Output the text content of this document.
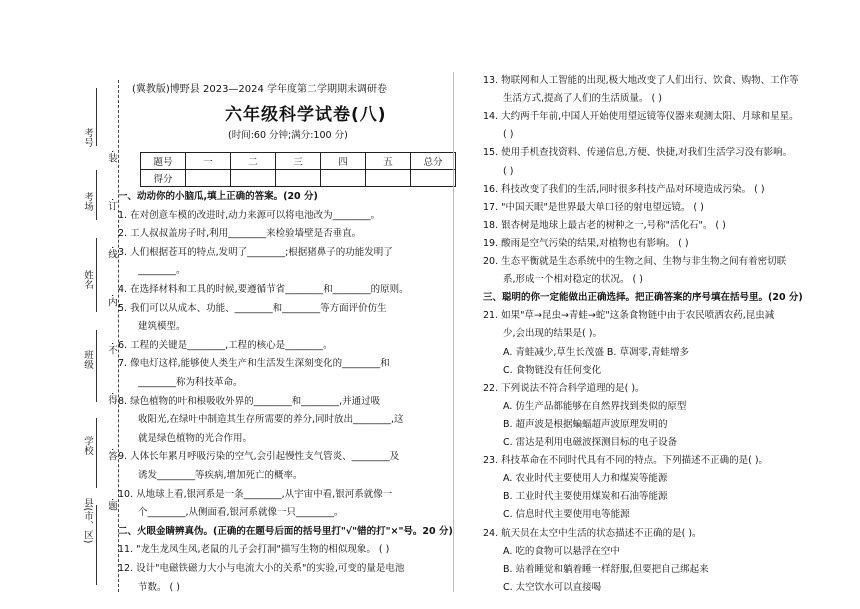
考号
考场
姓名
班级
学校
县(市、区)
·装
·订
·线
·内
·不
·得
·答
·题
(冀教版)博野县 2023—2024 学年度第二学期期末调研卷
六年级科学试卷(八)
(时间:60 分钟;满分:100 分)
题号	一	二	三	四	五	总分
得分						
一、动动你的小脑瓜,填上正确的答案。(20 分)
1. 在对创意车模的改进时,动力来源可以将电池改为________。
2. 工人叔叔盖房子时,利用________来检验墙壁是否垂直。
3. 人们根据苍耳的特点,发明了________;根据猪鼻子的功能发明了
________。
4. 在选择材料和工具的时候,要遵循节省________和________的原则。
5. 我们可以从成本、功能、________和________等方面评价仿生
建筑模型。
6. 工程的关键是________,工程的核心是________。
7. 像电灯这样,能够使人类生产和生活发生深刻变化的________和
________称为科技革命。
8. 绿色植物的叶和根吸收外界的________和________,并通过吸
收阳光,在绿叶中制造其生存所需要的养分,同时放出________,这
就是绿色植物的光合作用。
9. 人体长年累月呼吸污染的空气,会引起慢性支气管炎、________及
诱发________等疾病,增加死亡的概率。
10. 从地球上看,银河系是一条________,从宇宙中看,银河系就像一
个________,从侧面看,银河系就像一只________。
二、火眼金睛辨真伪。(正确的在题号后面的括号里打"√"错的打"×"号。20 分)
11. "龙生龙凤生凤,老鼠的儿子会打洞"描写生物的相似现象。 ( )
12. 设计"电磁铁磁力大小与电流大小的关系"的实验,可变的量是电池
节数。 ( )
13. 物联网和人工智能的出现,极大地改变了人们出行、饮食、购物、工作等
生活方式,提高了人们的生活质量。 ( )
14. 大约两千年前,中国人开始使用望远镜等仪器来观测太阳、月球和星星。
( )
15. 使用手机查找资料、传递信息,方便、快捷,对我们生活学习没有影响。
( )
16. 科技改变了我们的生活,同时很多科技产品对环境造成污染。 ( )
17. "中国天眼"是世界最大单口径的射电望远镜。 ( )
18. 银杏树是地球上最古老的树种之一,号称"活化石"。 ( )
19. 酸雨是空气污染的结果,对植物也有影响。 ( )
20. 生态平衡就是生态系统中的生物之间、生物与非生物之间有着密切联
系,形成一个相对稳定的状况。 ( )
三、聪明的你一定能做出正确选择。把正确答案的序号填在括号里。(20 分)
21. 如果"草→昆虫→青蛙→蛇"这条食物链中由于农民喷洒农药,昆虫减
少,会出现的结果是( )。
A. 青蛙减少,草生长茂盛 B. 草凋零,青蛙增多
C. 食物链没有任何变化
22. 下列说法不符合科学道理的是( )。
A. 仿生产品都能够在自然界找到类似的原型
B. 超声波是根据蝙蝠超声波原理发明的
C. 雷达是利用电磁波探测目标的电子设备
23. 科技革命在不同时代具有不同的特点。下列描述不正确的是( )。
A. 农业时代主要使用人力和煤炭等能源
B. 工业时代主要使用煤炭和石油等能源
C. 信息时代主要使用电等能源
24. 航天员在太空中生活的状态描述不正确的是( )。
A. 吃的食物可以悬浮在空中
B. 站着睡觉和躺着睡一样舒服,但要把自己绑起来
C. 太空饮水可以直接喝
